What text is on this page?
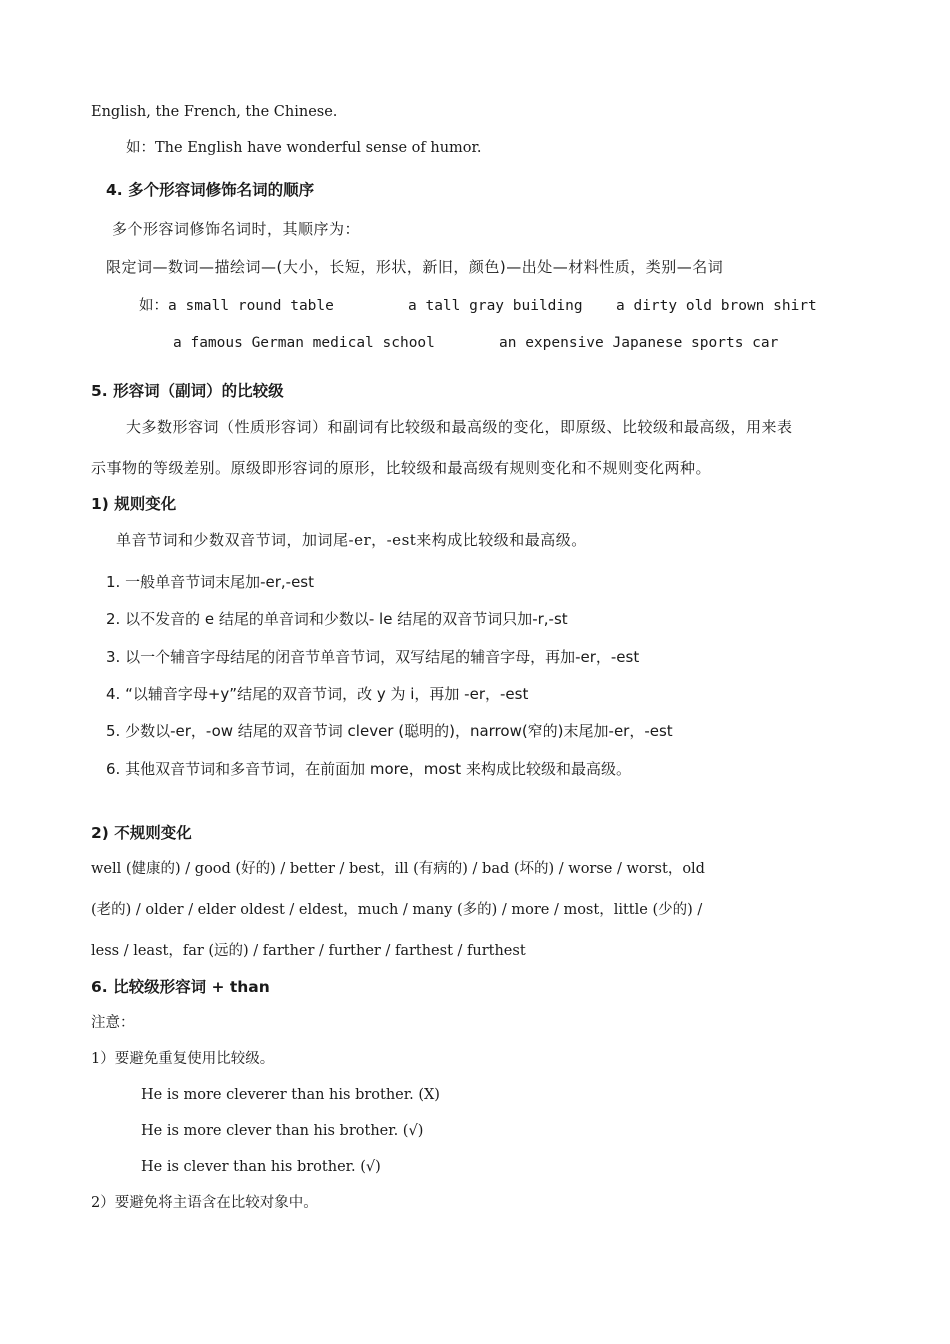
English, the French, the Chinese.
如：The English have wonderful sense of humor.
4. 多个形容词修饰名词的顺序
多个形容词修饰名词时，其顺序为：
限定词—数词—描绘词—(大小，长短，形状，新旧，颜色)—出处—材料性质，类别—名词
如：a small round table	a tall gray building a dirty old brown shirt
a famous German medical school	an expensive Japanese sports car
5. 形容词（副词）的比较级
大多数形容词（性质形容词）和副词有比较级和最高级的变化，即原级、比较级和最高级，用来表
示事物的等级差别。原级即形容词的原形，比较级和最高级有规则变化和不规则变化两种。
1) 规则变化
单音节词和少数双音节词，加词尾-er，-est来构成比较级和最高级。
1. 一般单音节词末尾加-er,-est
2. 以不发音的 e 结尾的单音词和少数以- le 结尾的双音节词只加-r,-st
3. 以一个辅音字母结尾的闭音节单音节词，双写结尾的辅音字母，再加-er，-est
4. “以辅音字母+y”结尾的双音节词，改 y 为 i，再加 -er，-est
5. 少数以-er，-ow 结尾的双音节词 clever (聪明的)，narrow(窄的)末尾加-er，-est
6. 其他双音节词和多音节词，在前面加 more，most 来构成比较级和最高级。
2) 不规则变化
well (健康的) / good (好的) / better / best，ill (有病的) / bad (坏的) / worse / worst，old
(老的) / older / elder oldest / eldest，much / many (多的) / more / most，little (少的) /
less / least，far (远的) / farther / further / farthest / furthest
6. 比较级形容词 + than
注意：
1）要避免重复使用比较级。
He is more cleverer than his brother. (X)
He is more clever than his brother. (√)
He is clever than his brother. (√)
2）要避免将主语含在比较对象中。
